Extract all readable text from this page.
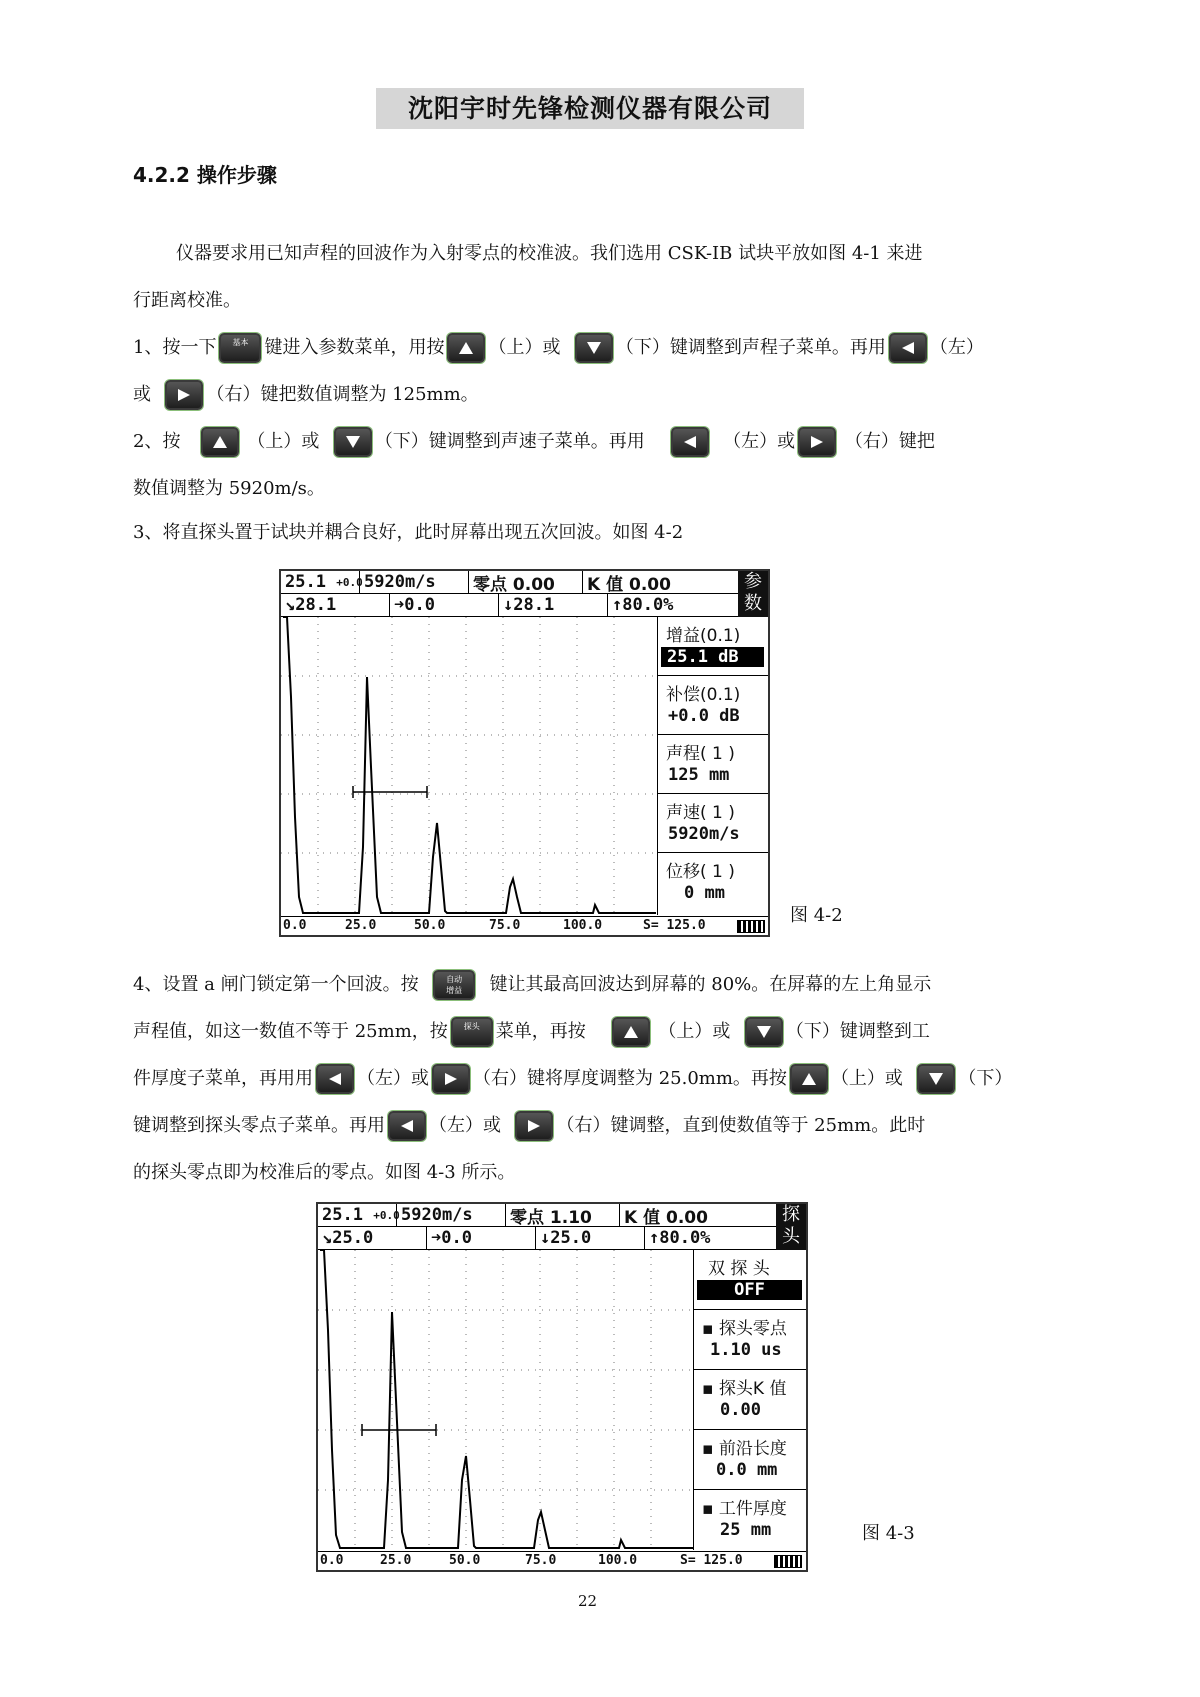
沈阳宇时先锋检测仪器有限公司
4.2.2 操作步骤
仪器要求用已知声程的回波作为入射零点的校准波。我们选用 CSK-IB 试块平放如图 4-1 来进
行距离校准。
1、按一下 基本 键进入参数菜单，用按 （上）或	（下）键调整到声程子菜单。再用 （左）
或	（右）键把数值调整为 125mm。
2、按	（上）或	（下）键调整到声速子菜单。再用	（左）或	（右）键把
数值调整为 5920m/s。
3、将直探头置于试块并耦合良好，此时屏幕出现五次回波。如图 4-2
25.1
+0.0 5920m/s	零点 0.00	K 值 0.00
↘28.1	➜0.0	↓28.1	↑80.0%
参
数
增益(0.1)
25.1 dB
补偿(0.1)
+0.0 dB
声程( 1 )
125 mm
声速( 1 )
5920m/s
位移( 1 )
0 mm
0.0	25.0	50.0	75.0	100.0	S= 125.0	图 4-2
4、设置 a 闸门锁定第一个回波。按	自动
增益 键让其最高回波达到屏幕的 80%。在屏幕的左上角显示
声程值，如这一数值不等于 25mm，按 探头 菜单，再按	（上）或	（下）键调整到工
件厚度子菜单，再用用 （左）或 （右）键将厚度调整为 25.0mm。再按 （上）或	（下）
键调整到探头零点子菜单。再用 （左）或	（右）键调整，直到使数值等于 25mm。此时
的探头零点即为校准后的零点。如图 4-3 所示。
25.1
+0.0 5920m/s	零点 1.10	K 值 0.00
↘25.0	➜0.0	↓25.0	↑80.0%
探
头
双 探 头
OFF
▪ 探头零点
1.10 us
▪ 探头K 值
0.00
▪ 前沿长度
0.0 mm
▪ 工件厚度
25 mm
0.0	25.0	50.0	75.0	100.0	S= 125.0
图 4-3
22
